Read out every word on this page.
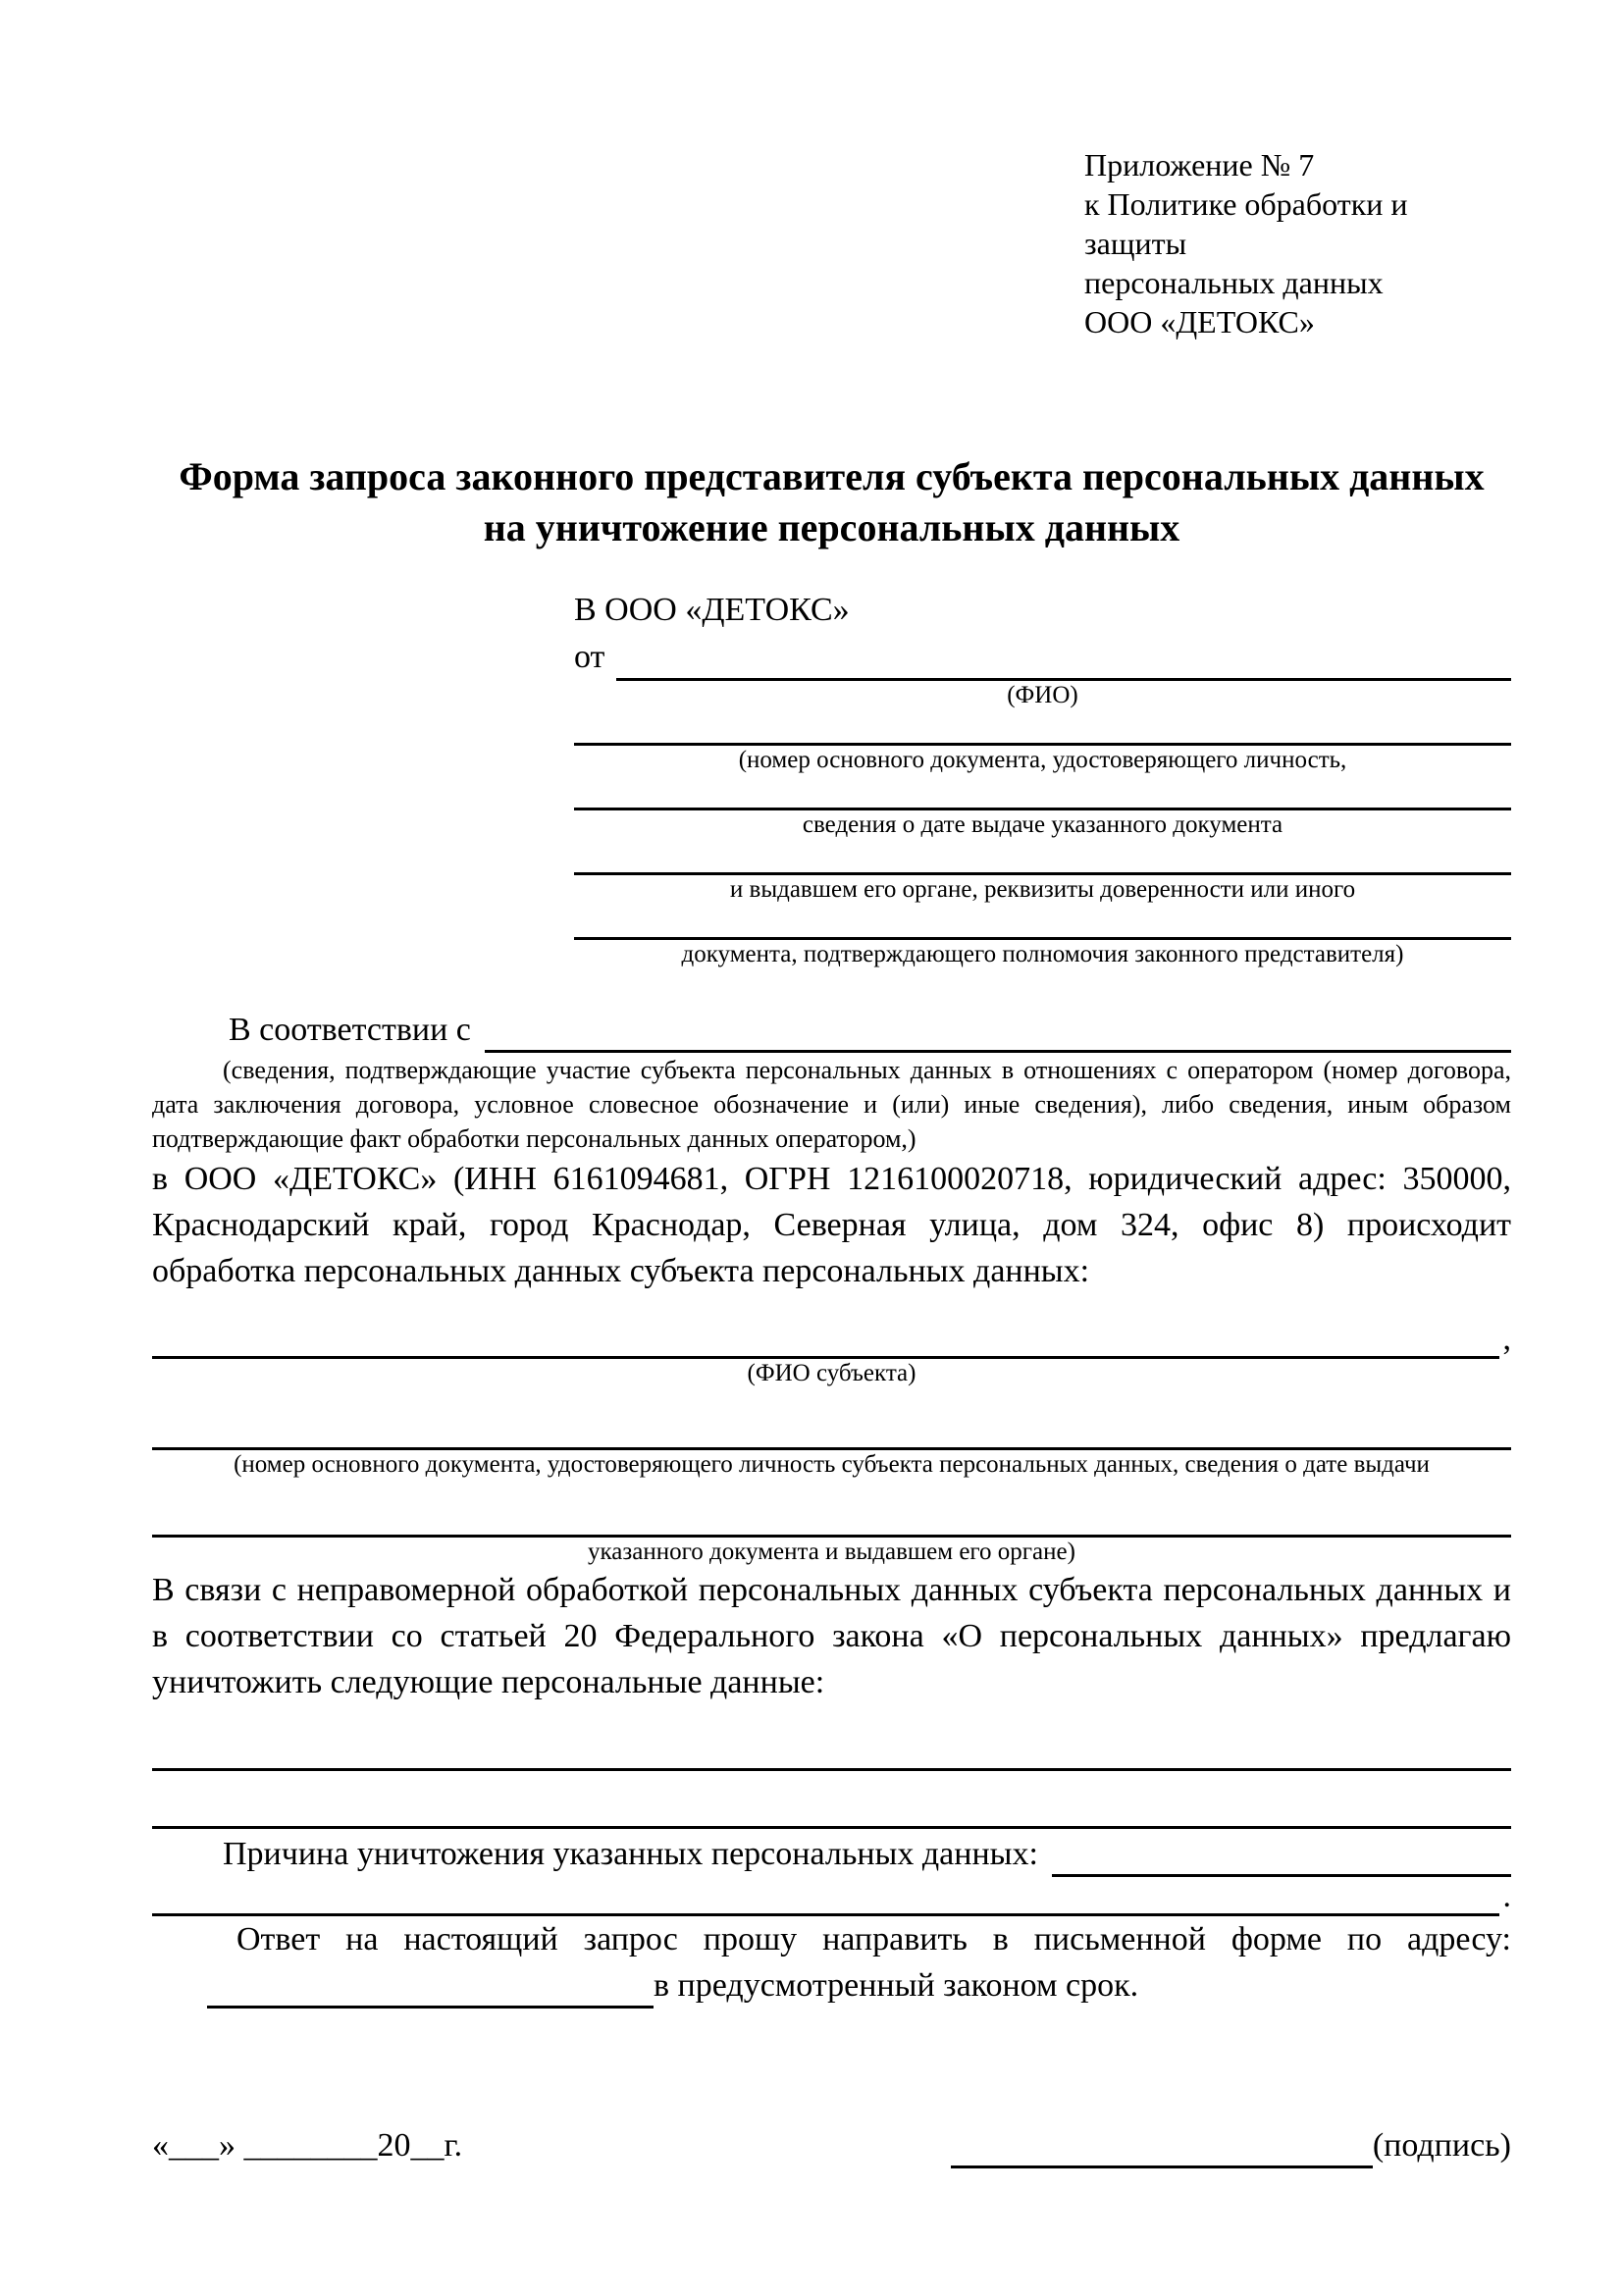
Приложение № 7
к Политике обработки и защиты
персональных данных
ООО «ДЕТОКС»
Форма запроса законного представителя субъекта персональных данных
на уничтожение персональных данных
В ООО «ДЕТОКС»
от
(ФИО)
(номер основного документа, удостоверяющего личность,
сведения о дате выдаче указанного документа
и выдавшем его органе, реквизиты доверенности или иного
документа, подтверждающего полномочия законного представителя)
В соответствии с
(сведения, подтверждающие участие субъекта персональных данных в отношениях с оператором (номер договора, дата заключения договора, условное словесное обозначение и (или) иные сведения), либо сведения, иным образом подтверждающие факт обработки персональных данных оператором,)
в ООО «ДЕТОКС» (ИНН 6161094681, ОГРН 1216100020718, юридический адрес: 350000, Краснодарский край, город Краснодар, Северная улица, дом 324, офис 8) происходит обработка персональных данных субъекта персональных данных:
,
(ФИО субъекта)
(номер основного документа, удостоверяющего личность субъекта персональных данных, сведения о дате выдачи
указанного документа и выдавшем его органе)
В связи с неправомерной обработкой персональных данных субъекта персональных данных и в соответствии со статьей 20 Федерального закона «О персональных данных» предлагаю уничтожить следующие персональные данные:
Причина уничтожения указанных персональных данных:
.
Ответ на настоящий запрос прошу направить в письменной форме по адресу:
в предусмотренный законом срок.
«___» ________20__г.	(подпись)
